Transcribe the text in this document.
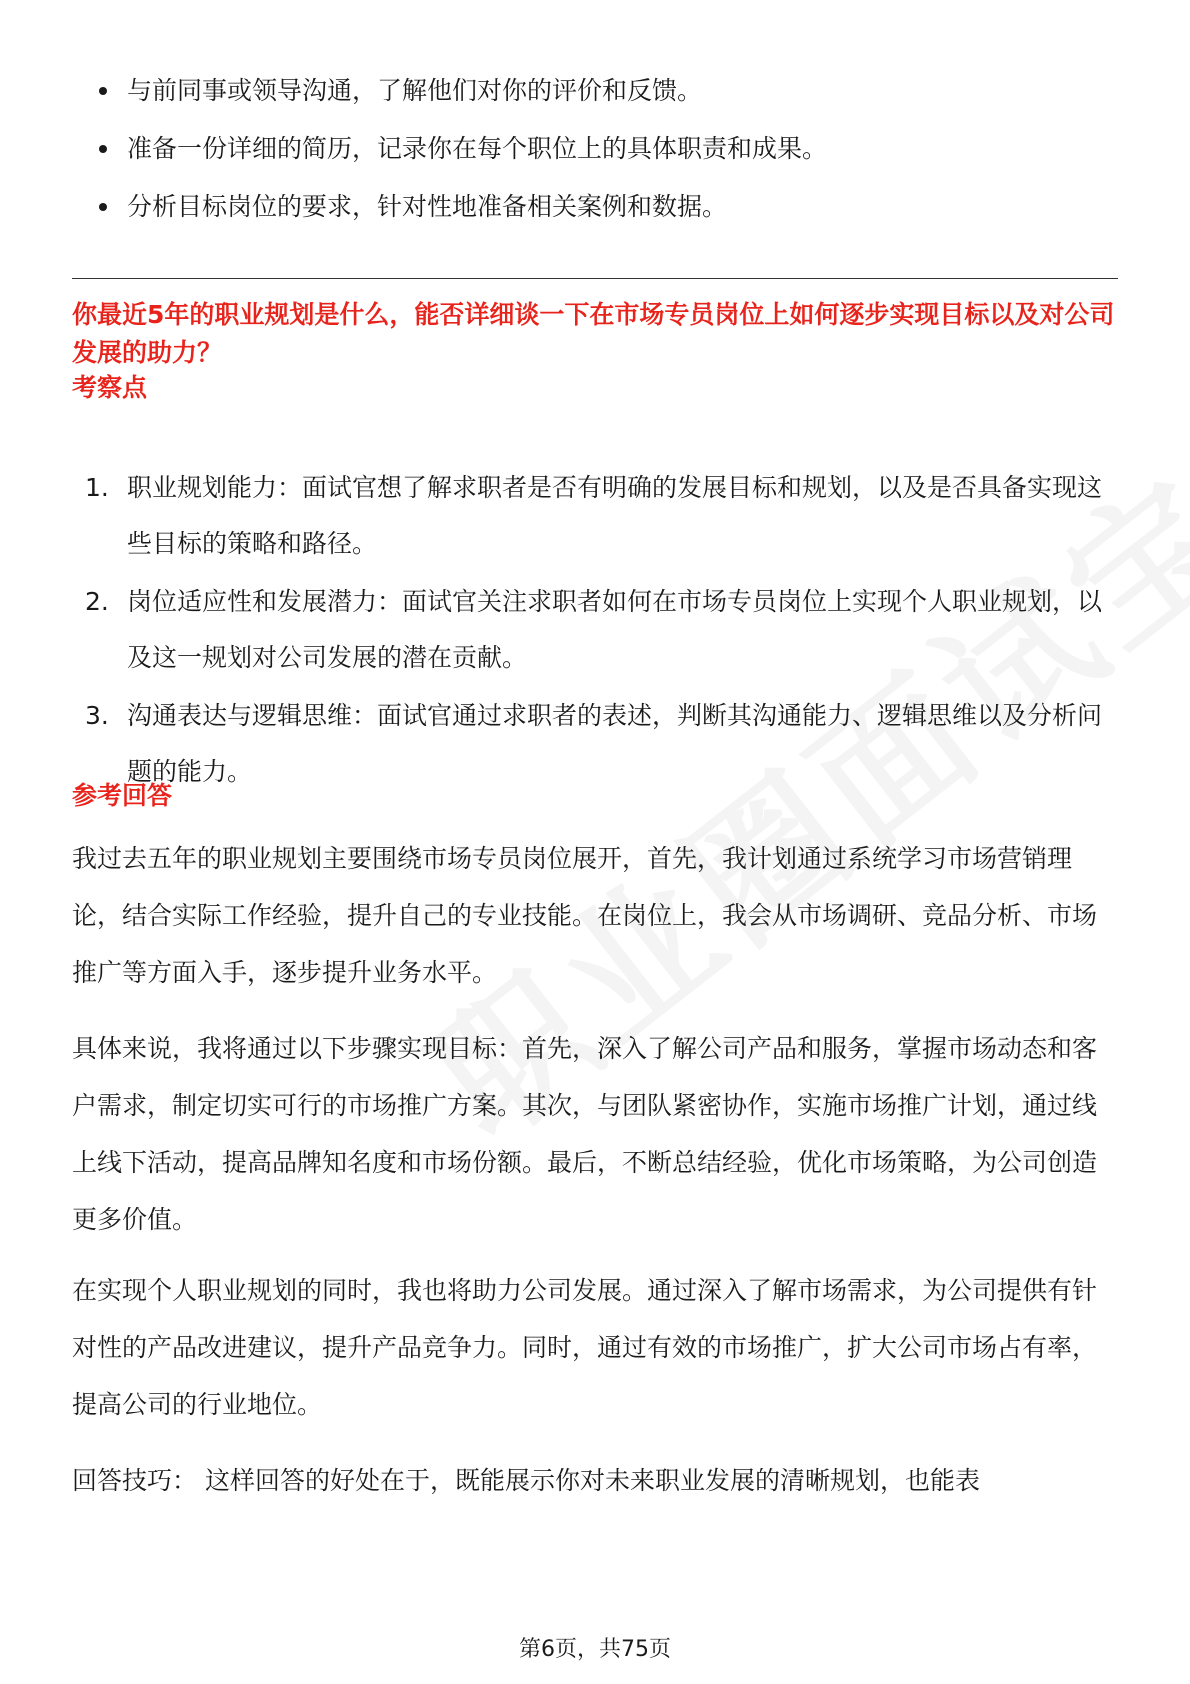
与前同事或领导沟通，了解他们对你的评价和反馈。
准备一份详细的简历，记录你在每个职位上的具体职责和成果。
分析目标岗位的要求，针对性地准备相关案例和数据。
你最近5年的职业规划是什么，能否详细谈一下在市场专员岗位上如何逐步实现目标以及对公司发展的助力？
考察点
1. 职业规划能力：面试官想了解求职者是否有明确的发展目标和规划，以及是否具备实现这些目标的策略和路径。
2. 岗位适应性和发展潜力：面试官关注求职者如何在市场专员岗位上实现个人职业规划，以及这一规划对公司发展的潜在贡献。
3. 沟通表达与逻辑思维：面试官通过求职者的表述，判断其沟通能力、逻辑思维以及分析问题的能力。
参考回答

我过去五年的职业规划主要围绕市场专员岗位展开，首先，我计划通过系统学习市场营销理论，结合实际工作经验，提升自己的专业技能。在岗位上，我会从市场调研、竞品分析、市场推广等方面入手，逐步提升业务水平。

具体来说，我将通过以下步骤实现目标：首先，深入了解公司产品和服务，掌握市场动态和客户需求，制定切实可行的市场推广方案。其次，与团队紧密协作，实施市场推广计划，通过线上线下活动，提高品牌知名度和市场份额。最后，不断总结经验，优化市场策略，为公司创造更多价值。

在实现个人职业规划的同时，我也将助力公司发展。通过深入了解市场需求，为公司提供有针对性的产品改进建议，提升产品竞争力。同时，通过有效的市场推广，扩大公司市场占有率，提高公司的行业地位。

回答技巧： 这样回答的好处在于，既能展示你对未来职业发展的清晰规划，也能表

第6页，共75页
